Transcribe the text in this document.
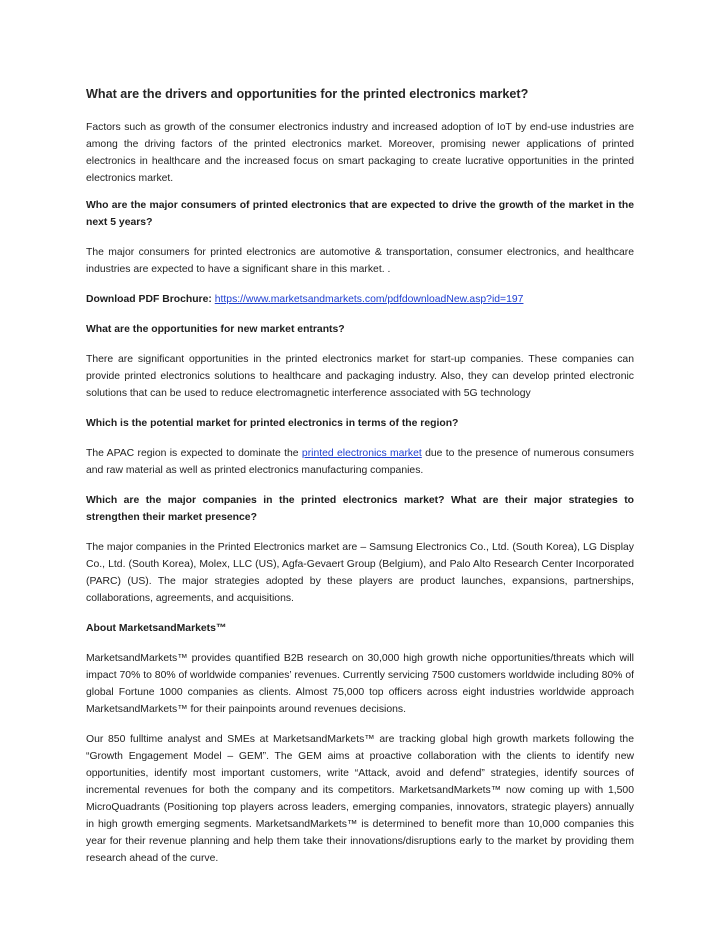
What are the drivers and opportunities for the printed electronics market?

Factors such as growth of the consumer electronics industry and increased adoption of IoT by end-use industries are among the driving factors of the printed electronics market. Moreover, promising newer applications of printed electronics in healthcare and the increased focus on smart packaging to create lucrative opportunities in the printed electronics market.

Who are the major consumers of printed electronics that are expected to drive the growth of the market in the next 5 years?

The major consumers for printed electronics are automotive & transportation, consumer electronics, and healthcare industries are expected to have a significant share in this market. .

Download PDF Brochure: https://www.marketsandmarkets.com/pdfdownloadNew.asp?id=197

What are the opportunities for new market entrants?

There are significant opportunities in the printed electronics market for start-up companies. These companies can provide printed electronics solutions to healthcare and packaging industry. Also, they can develop printed electronic solutions that can be used to reduce electromagnetic interference associated with 5G technology

Which is the potential market for printed electronics in terms of the region?

The APAC region is expected to dominate the printed electronics market due to the presence of numerous consumers and raw material as well as printed electronics manufacturing companies.

Which are the major companies in the printed electronics market? What are their major strategies to strengthen their market presence?

The major companies in the Printed Electronics market are – Samsung Electronics Co., Ltd. (South Korea), LG Display Co., Ltd. (South Korea), Molex, LLC (US), Agfa-Gevaert Group (Belgium), and Palo Alto Research Center Incorporated (PARC) (US). The major strategies adopted by these players are product launches, expansions, partnerships, collaborations, agreements, and acquisitions.

About MarketsandMarkets™

MarketsandMarkets™ provides quantified B2B research on 30,000 high growth niche opportunities/threats which will impact 70% to 80% of worldwide companies’ revenues. Currently servicing 7500 customers worldwide including 80% of global Fortune 1000 companies as clients. Almost 75,000 top officers across eight industries worldwide approach MarketsandMarkets™ for their painpoints around revenues decisions.

Our 850 fulltime analyst and SMEs at MarketsandMarkets™ are tracking global high growth markets following the “Growth Engagement Model – GEM”. The GEM aims at proactive collaboration with the clients to identify new opportunities, identify most important customers, write “Attack, avoid and defend” strategies, identify sources of incremental revenues for both the company and its competitors. MarketsandMarkets™ now coming up with 1,500 MicroQuadrants (Positioning top players across leaders, emerging companies, innovators, strategic players) annually in high growth emerging segments. MarketsandMarkets™ is determined to benefit more than 10,000 companies this year for their revenue planning and help them take their innovations/disruptions early to the market by providing them research ahead of the curve.
